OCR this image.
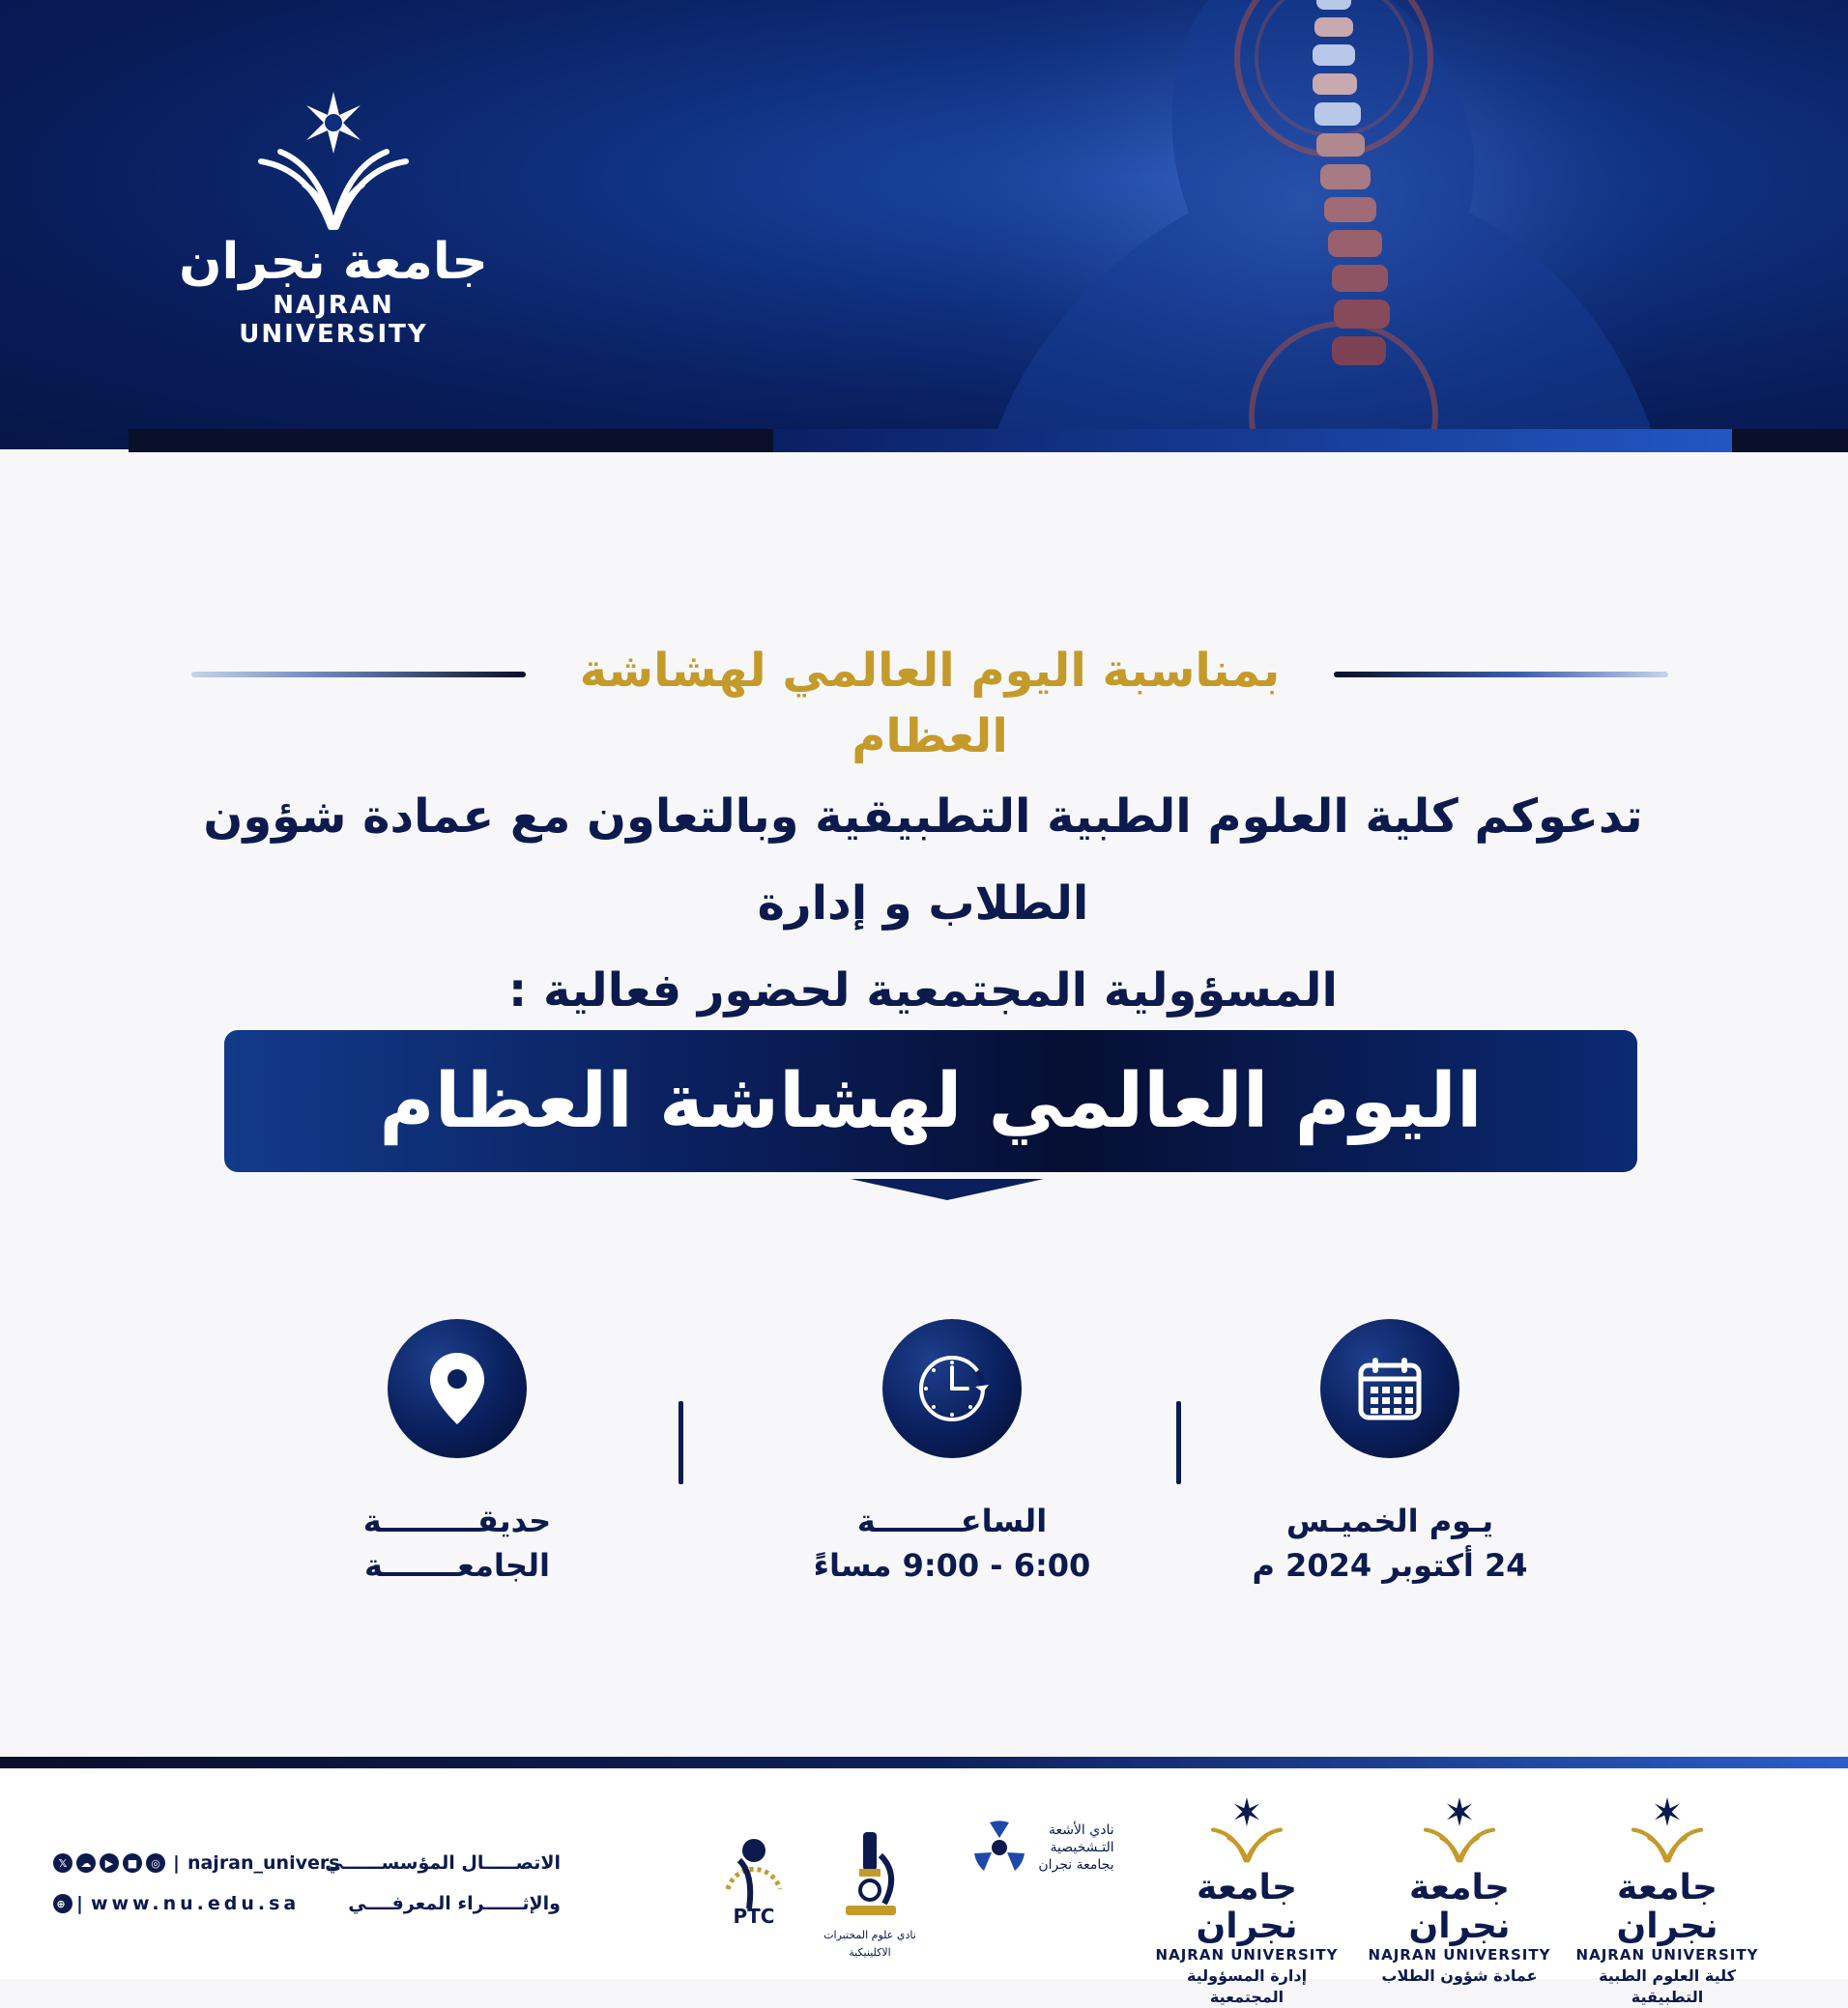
جامعة نجران
NAJRAN UNIVERSITY
بمناسبة اليوم العالمي لهشاشة العظام
تدعوكم كلية العلوم الطبية التطبيقية وبالتعاون مع عمادة شؤون الطلاب و إدارة
المسؤولية المجتمعية لحضور فعالية :
اليوم العالمي لهشاشة العظام
يـوم الخميـس
24 أكتوبر 2024 م
الساعــــــــة
6:00 - 9:00 مساءً
حديقـــــــــة
الجامعـــــــة
جامعة نجران
NAJRAN UNIVERSITY
كلية العلوم الطبية التطبيقية
جامعة نجران
NAJRAN UNIVERSITY
عمادة شؤون الطلاب
جامعة نجران
NAJRAN UNIVERSITY
إدارة المسؤولية المجتمعية
نادي الأشعة
التـشخيصية
بجامعة نجران
نادي علوم المختبرات الاكلينيكية
PTC
الاتصـــــال المؤسســــــي
𝕏	☁	▶	■	◎ | najran_univers
والإثــــــراء المعرفــــي
⊕ | www.nu.edu.sa
